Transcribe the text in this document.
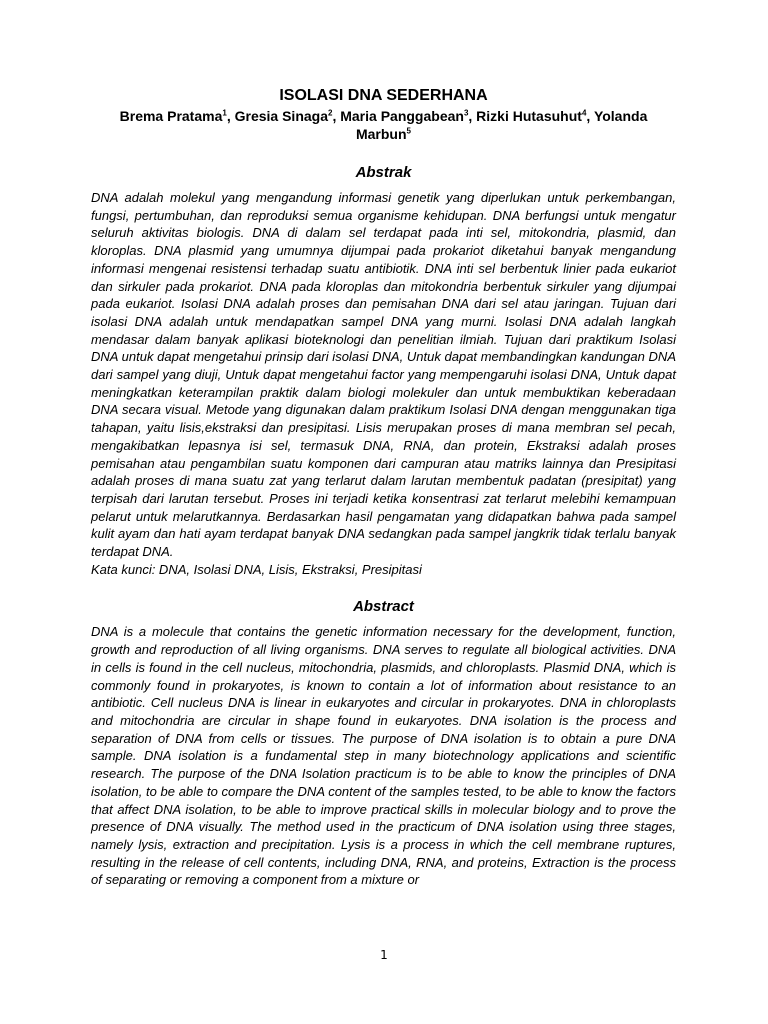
ISOLASI DNA SEDERHANA

Brema Pratama$^1$, Gresia Sinaga$^2$, Maria Panggabean$^3$, Rizki Hutasuhut$^4$, Yolanda Marbun$^5$

Abstrak

DNA adalah molekul yang mengandung informasi genetik yang diperlukan untuk perkembangan, fungsi, pertumbuhan, dan reproduksi semua organisme kehidupan. DNA berfungsi untuk mengatur seluruh aktivitas biologis. DNA di dalam sel terdapat pada inti sel, mitokondria, plasmid, dan kloroplas. DNA plasmid yang umumnya dijumpai pada prokariot diketahui banyak mengandung informasi mengenai resistensi terhadap suatu antibiotik. DNA inti sel berbentuk linier pada eukariot dan sirkuler pada prokariot. DNA pada kloroplas dan mitokondria berbentuk sirkuler yang dijumpai pada eukariot. Isolasi DNA adalah proses dan pemisahan DNA dari sel atau jaringan. Tujuan dari isolasi DNA adalah untuk mendapatkan sampel DNA yang murni. Isolasi DNA adalah langkah mendasar dalam banyak aplikasi bioteknologi dan penelitian ilmiah. Tujuan dari praktikum Isolasi DNA untuk dapat mengetahui prinsip dari isolasi DNA, Untuk dapat membandingkan kandungan DNA dari sampel yang diuji, Untuk dapat mengetahui factor yang mempengaruhi isolasi DNA, Untuk dapat meningkatkan keterampilan praktik dalam biologi molekuler dan untuk membuktikan keberadaan DNA secara visual. Metode yang digunakan dalam praktikum Isolasi DNA dengan menggunakan tiga tahapan, yaitu lisis,ekstraksi dan presipitasi. Lisis merupakan proses di mana membran sel pecah, mengakibatkan lepasnya isi sel, termasuk DNA, RNA, dan protein, Ekstraksi adalah proses pemisahan atau pengambilan suatu komponen dari campuran atau matriks lainnya dan Presipitasi adalah proses di mana suatu zat yang terlarut dalam larutan membentuk padatan (presipitat) yang terpisah dari larutan tersebut. Proses ini terjadi ketika konsentrasi zat terlarut melebihi kemampuan pelarut untuk melarutkannya. Berdasarkan hasil pengamatan yang didapatkan bahwa pada sampel kulit ayam dan hati ayam terdapat banyak DNA sedangkan pada sampel jangkrik tidak terlalu banyak terdapat DNA.

Kata kunci: DNA, Isolasi DNA, Lisis, Ekstraksi, Presipitasi

Abstract

DNA is a molecule that contains the genetic information necessary for the development, function, growth and reproduction of all living organisms. DNA serves to regulate all biological activities. DNA in cells is found in the cell nucleus, mitochondria, plasmids, and chloroplasts. Plasmid DNA, which is commonly found in prokaryotes, is known to contain a lot of information about resistance to an antibiotic. Cell nucleus DNA is linear in eukaryotes and circular in prokaryotes. DNA in chloroplasts and mitochondria are circular in shape found in eukaryotes. DNA isolation is the process and separation of DNA from cells or tissues. The purpose of DNA isolation is to obtain a pure DNA sample. DNA isolation is a fundamental step in many biotechnology applications and scientific research. The purpose of the DNA Isolation practicum is to be able to know the principles of DNA isolation, to be able to compare the DNA content of the samples tested, to be able to know the factors that affect DNA isolation, to be able to improve practical skills in molecular biology and to prove the presence of DNA visually. The method used in the practicum of DNA isolation using three stages, namely lysis, extraction and precipitation. Lysis is a process in which the cell membrane ruptures, resulting in the release of cell contents, including DNA, RNA, and proteins, Extraction is the process of separating or removing a component from a mixture or

1
